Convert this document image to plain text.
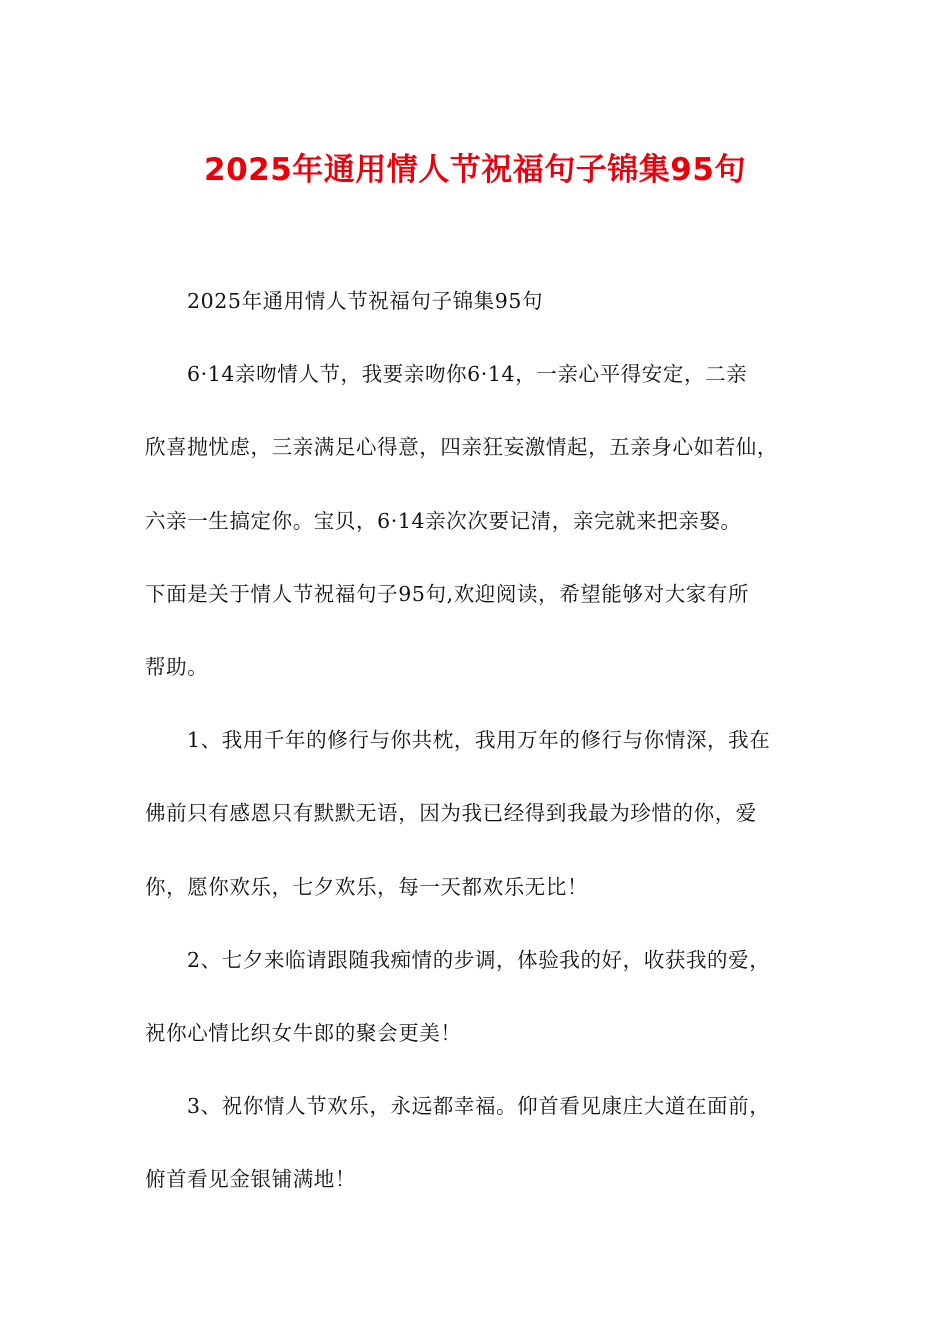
2025年通用情人节祝福句子锦集95句
2025年通用情人节祝福句子锦集95句
6·14亲吻情人节，我要亲吻你6·14，一亲心平得安定，二亲
欣喜抛忧虑，三亲满足心得意，四亲狂妄激情起，五亲身心如若仙，
六亲一生搞定你。宝贝，6·14亲次次要记清，亲完就来把亲娶。
下面是关于情人节祝福句子95句,欢迎阅读，希望能够对大家有所
帮助。
1、我用千年的修行与你共枕，我用万年的修行与你情深，我在
佛前只有感恩只有默默无语，因为我已经得到我最为珍惜的你，爱
你，愿你欢乐，七夕欢乐，每一天都欢乐无比！
2、七夕来临请跟随我痴情的步调，体验我的好，收获我的爱，
祝你心情比织女牛郎的聚会更美！
3、祝你情人节欢乐，永远都幸福。仰首看见康庄大道在面前，
俯首看见金银铺满地！
